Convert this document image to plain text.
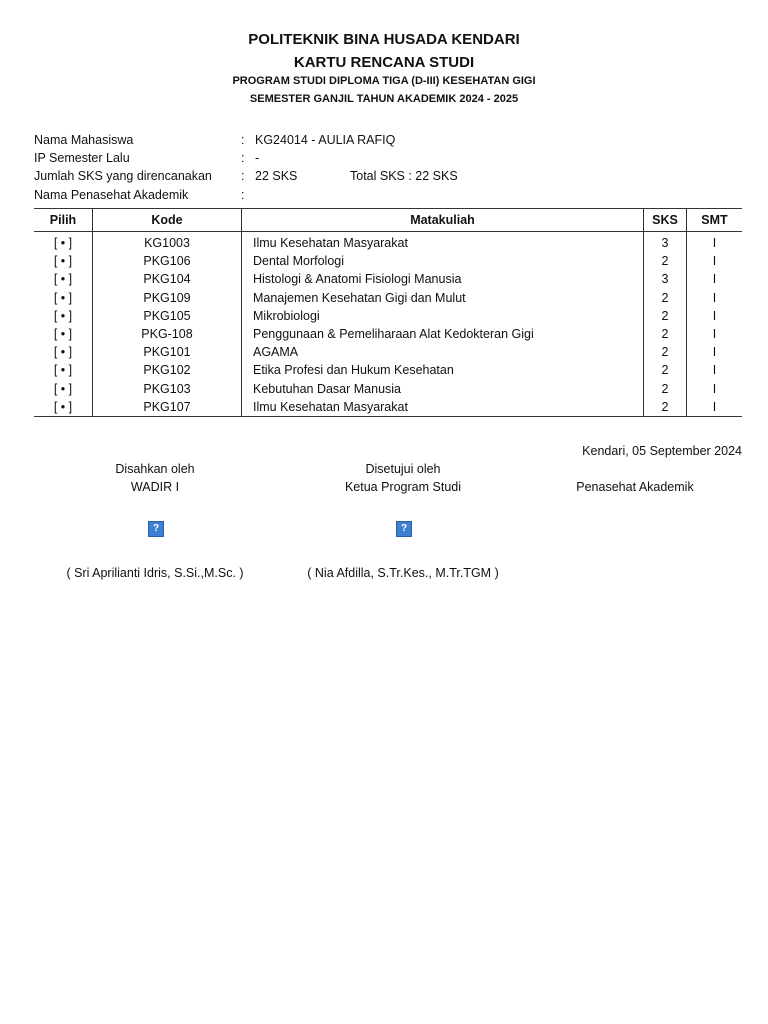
POLITEKNIK BINA HUSADA KENDARI
KARTU RENCANA STUDI
PROGRAM STUDI DIPLOMA TIGA (D-III) KESEHATAN GIGI
SEMESTER GANJIL TAHUN AKADEMIK 2024 - 2025
Nama Mahasiswa	: KG24014 - AULIA RAFIQ
IP Semester Lalu	: -
Jumlah SKS yang direncanakan : 22 SKS	Total SKS : 22 SKS
Nama Penasehat Akademik	:
Pilih	Kode	Matakuliah	SKS	SMT
[ • ]	KG1003	Ilmu Kesehatan Masyarakat	3	I
[ • ]	PKG106	Dental Morfologi	2	I
[ • ]	PKG104	Histologi & Anatomi Fisiologi Manusia	3	I
[ • ]	PKG109	Manajemen Kesehatan Gigi dan Mulut	2	I
[ • ]	PKG105	Mikrobiologi	2	I
[ • ]	PKG-108	Penggunaan & Pemeliharaan Alat Kedokteran Gigi	2	I
[ • ]	PKG101	AGAMA	2	I
[ • ]	PKG102	Etika Profesi dan Hukum Kesehatan	2	I
[ • ]	PKG103	Kebutuhan Dasar Manusia	2	I
[ • ]	PKG107	Ilmu Kesehatan Masyarakat	2	I
Kendari, 05 September 2024
Disahkan oleh
WADIR I
?
( Sri Aprilianti Idris, S.Si.,M.Sc. )
Disetujui oleh
Ketua Program Studi
?
( Nia Afdilla, S.Tr.Kes., M.Tr.TGM )
Penasehat Akademik
